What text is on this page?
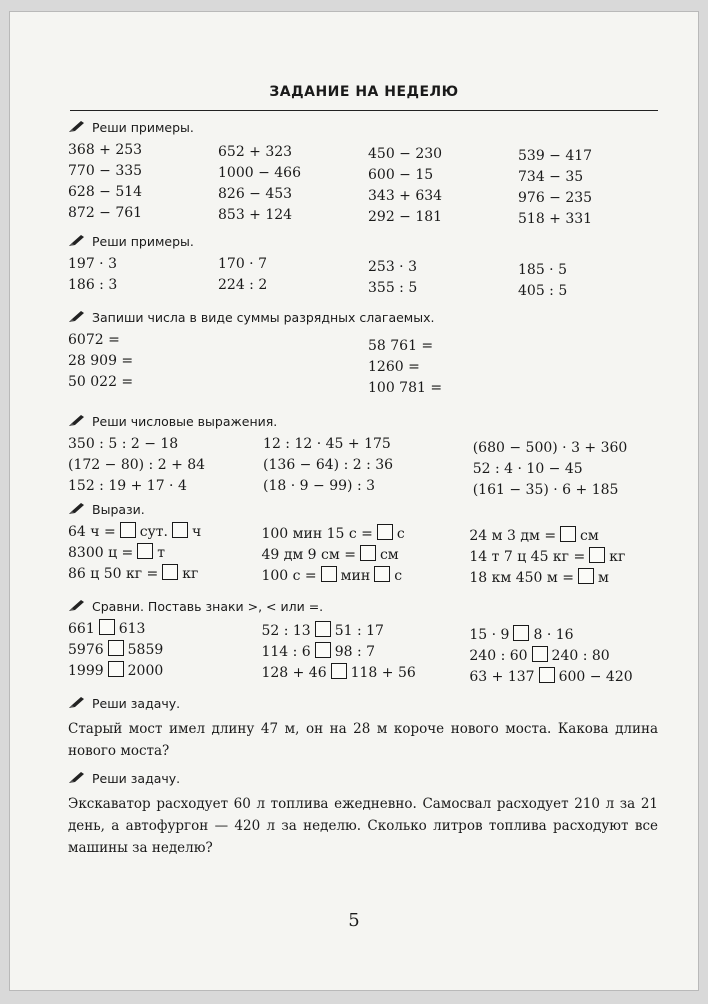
ЗАДАНИЕ НА НЕДЕЛЮ
Реши примеры.
368 + 253
770 − 335
628 − 514
872 − 761
652 + 323
1000 − 466
826 − 453
853 + 124
450 − 230
600 − 15
343 + 634
292 − 181
539 − 417
734 − 35
976 − 235
518 + 331
Реши примеры.
197 · 3
186 : 3
170 · 7
224 : 2
253 · 3
355 : 5
185 · 5
405 : 5
Запиши числа в виде суммы разрядных слагаемых.
6072 =
28 909 =
50 022 =
58 761 =
1260 =
100 781 =
Реши числовые выражения.
350 : 5 : 2 − 18
(172 − 80) : 2 + 84
152 : 19 + 17 · 4
12 : 12 · 45 + 175
(136 − 64) : 2 : 36
(18 · 9 − 99) : 3
(680 − 500) · 3 + 360
52 : 4 · 10 − 45
(161 − 35) · 6 + 185
Вырази.
64 ч = сут. ч
8300 ц = т
86 ц 50 кг = кг
100 мин 15 с = с
49 дм 9 см = см
100 с = мин с
24 м 3 дм = см
14 т 7 ц 45 кг = кг
18 км 450 м = м
Сравни. Поставь знаки >, < или =.
661 613
5976 5859
1999 2000
52 : 13 51 : 17
114 : 6 98 : 7
128 + 46 118 + 56
15 · 9 8 · 16
240 : 60 240 : 80
63 + 137 600 − 420
Реши задачу.
Старый мост имел длину 47 м, он на 28 м короче нового моста. Какова длина нового моста?
Реши задачу.
Экскаватор расходует 60 л топлива ежедневно. Самосвал расходует 210 л за 21 день, а автофургон — 420 л за неделю. Сколько литров топлива расходуют все машины за неделю?
5
